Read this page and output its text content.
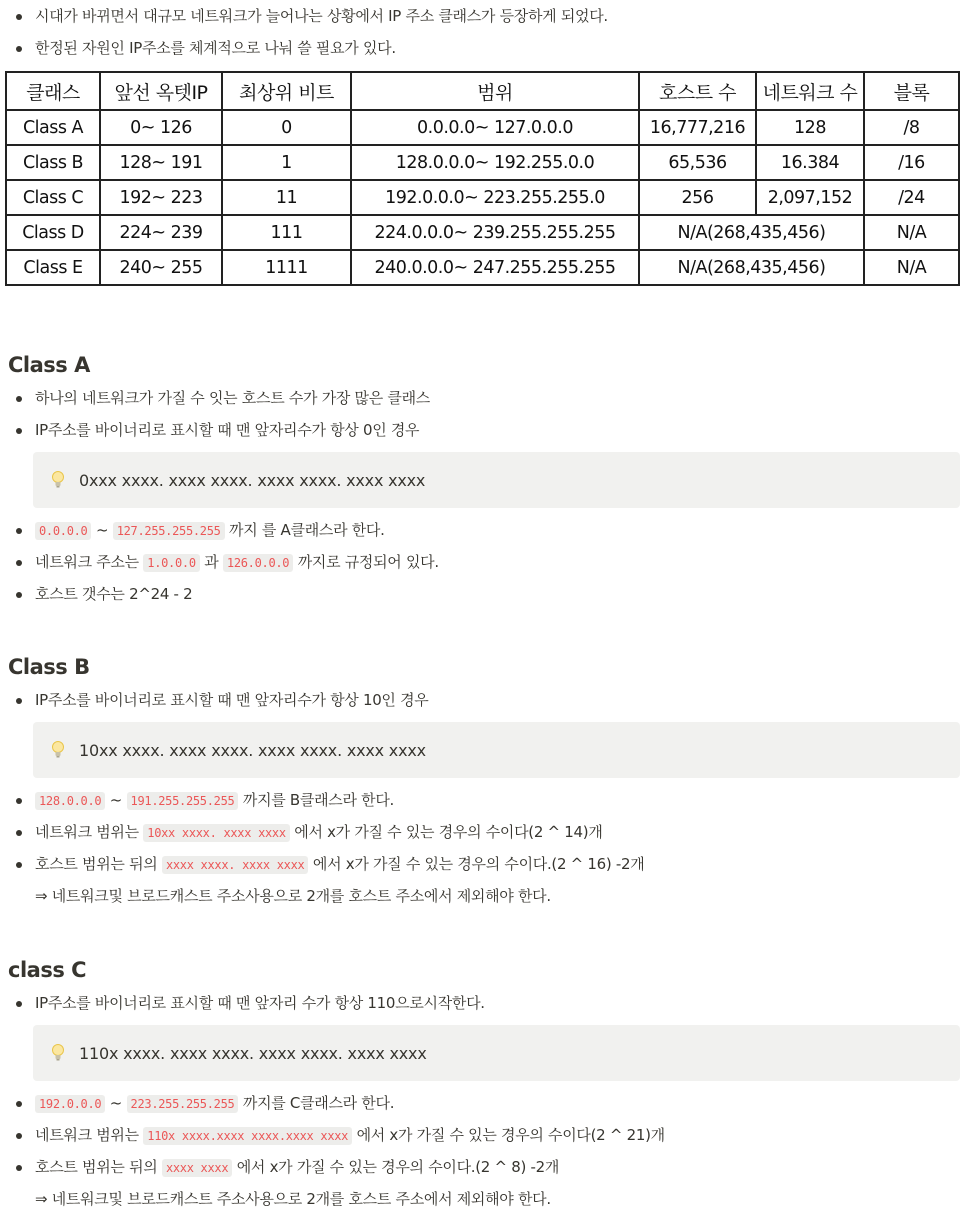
시대가 바뀌면서 대규모 네트워크가 늘어나는 상황에서 IP 주소 클래스가 등장하게 되었다.
한정된 자원인 IP주소를 체계적으로 나눠 쓸 필요가 있다.
클래스	앞선 옥텟IP	최상위 비트	범위	호스트 수	네트워크 수	블록
Class A	0~ 126	0	0.0.0.0~ 127.0.0.0	16,777,216	128	/8
Class B	128~ 191	1	128.0.0.0~ 192.255.0.0	65,536	16.384	/16
Class C	192~ 223	11	192.0.0.0~ 223.255.255.0	256	2,097,152	/24
Class D	224~ 239	111	224.0.0.0~ 239.255.255.255	N/A(268,435,456)		N/A
Class E	240~ 255	1111	240.0.0.0~ 247.255.255.255	N/A(268,435,456)		N/A
Class A
하나의 네트워크가 가질 수 잇는 호스트 수가 가장 많은 클래스
IP주소를 바이너리로 표시할 때 맨 앞자리수가 항상 0인 경우
0xxx xxxx. xxxx xxxx. xxxx xxxx. xxxx xxxx
0.0.0.0 ~ 127.255.255.255 까지 를 A클래스라 한다.
네트워크 주소는 1.0.0.0 과 126.0.0.0 까지로 규정되어 있다.
호스트 갯수는 2^24 - 2
Class B
IP주소를 바이너리로 표시할 때 맨 앞자리수가 항상 10인 경우
10xx xxxx. xxxx xxxx. xxxx xxxx. xxxx xxxx
128.0.0.0 ~ 191.255.255.255 까지를 B클래스라 한다.
네트워크 범위는 10xx xxxx. xxxx xxxx 에서 x가 가질 수 있는 경우의 수이다(2 ^ 14)개
호스트 범위는 뒤의 xxxx xxxx. xxxx xxxx 에서 x가 가질 수 있는 경우의 수이다.(2 ^ 16) -2개
⇒ 네트워크및 브로드캐스트 주소사용으로 2개를 호스트 주소에서 제외해야 한다.
class C
IP주소를 바이너리로 표시할 때 맨 앞자리 수가 항상 110으로시작한다.
110x xxxx. xxxx xxxx. xxxx xxxx. xxxx xxxx
192.0.0.0 ~ 223.255.255.255 까지를 C클래스라 한다.
네트워크 범위는 110x xxxx.xxxx xxxx.xxxx xxxx 에서 x가 가질 수 있는 경우의 수이다(2 ^ 21)개
호스트 범위는 뒤의 xxxx xxxx 에서 x가 가질 수 있는 경우의 수이다.(2 ^ 8) -2개
⇒ 네트워크및 브로드캐스트 주소사용으로 2개를 호스트 주소에서 제외해야 한다.
